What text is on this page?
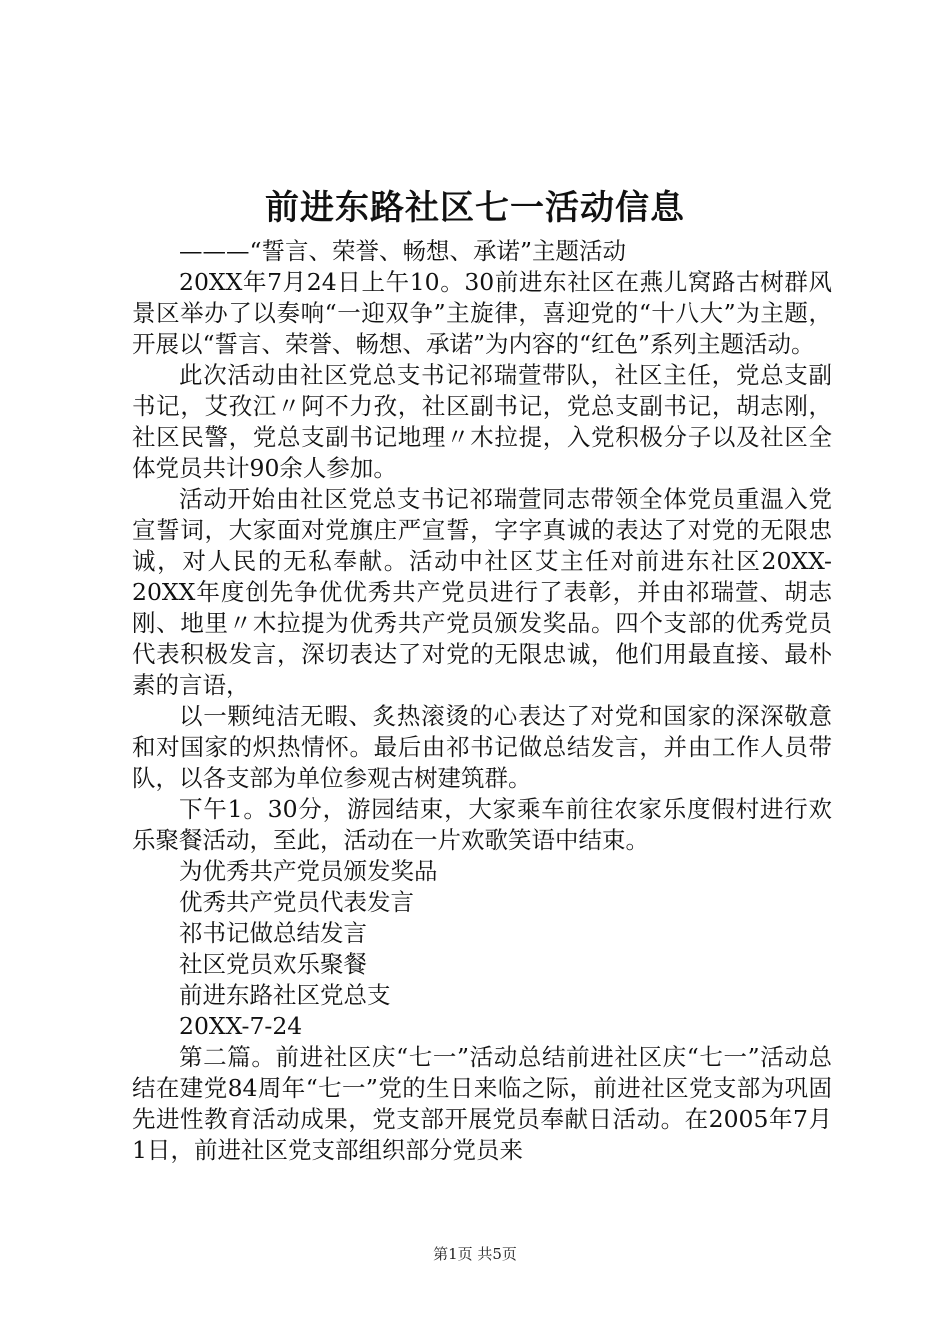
前进东路社区七一活动信息

———“誓言、荣誉、畅想、承诺”主题活动

20XX年7月24日上午10。30前进东社区在燕儿窝路古树群风景区举办了以奏响“一迎双争”主旋律，喜迎党的“十八大”为主题，开展以“誓言、荣誉、畅想、承诺”为内容的“红色”系列主题活动。

此次活动由社区党总支书记祁瑞萱带队，社区主任，党总支副书记，艾孜江〃阿不力孜，社区副书记，党总支副书记，胡志刚，社区民警，党总支副书记地理〃木拉提，入党积极分子以及社区全体党员共计90余人参加。

活动开始由社区党总支书记祁瑞萱同志带领全体党员重温入党宣誓词，大家面对党旗庄严宣誓，字字真诚的表达了对党的无限忠诚，对人民的无私奉献。活动中社区艾主任对前进东社区20XX-20XX年度创先争优优秀共产党员进行了表彰，并由祁瑞萱、胡志刚、地里〃木拉提为优秀共产党员颁发奖品。四个支部的优秀党员代表积极发言，深切表达了对党的无限忠诚，他们用最直接、最朴素的言语，

以一颗纯洁无暇、炙热滚烫的心表达了对党和国家的深深敬意和对国家的炽热情怀。最后由祁书记做总结发言，并由工作人员带队，以各支部为单位参观古树建筑群。

下午1。30分，游园结束，大家乘车前往农家乐度假村进行欢乐聚餐活动，至此，活动在一片欢歌笑语中结束。

为优秀共产党员颁发奖品

优秀共产党员代表发言

祁书记做总结发言

社区党员欢乐聚餐

前进东路社区党总支

20XX-7-24

第二篇。前进社区庆“七一”活动总结前进社区庆“七一”活动总结在建党84周年“七一”党的生日来临之际，前进社区党支部为巩固先进性教育活动成果，党支部开展党员奉献日活动。在2005年7月1日，前进社区党支部组织部分党员来

第1页 共5页
